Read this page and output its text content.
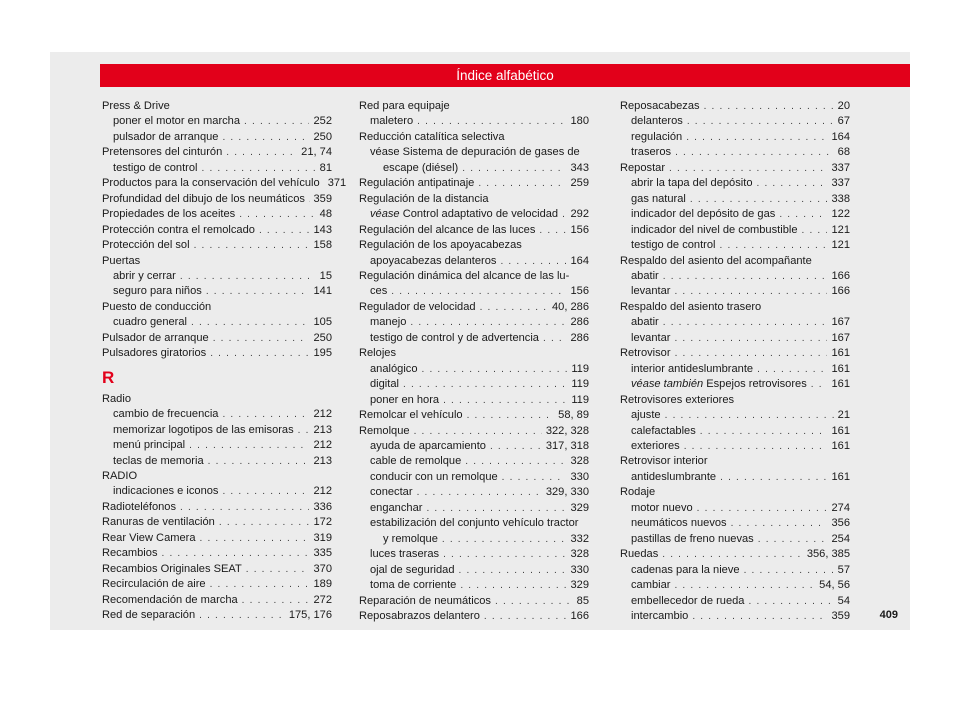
Índice alfabético
Press & Drive
poner el motor en marcha . . .	252
pulsador de arranque . . .	250
Pretensores del cinturón . . .	21, 74
testigo de control . . .	81
Productos para la conservación del vehículo 371
Profundidad del dibujo de los neumáticos . . . 359
Propiedades de los aceites . . .	48
Protección contra el remolcado . . .	143
Protección del sol . . .	158
Puertas
abrir y cerrar . . .	15
seguro para niños . . .	141
Puesto de conducción
cuadro general . . .	105
Pulsador de arranque . . .	250
Pulsadores giratorios . . .	195
R
Radio
cambio de frecuencia . . .	212
memorizar logotipos de las emisoras . . . 213
menú principal . . .	212
teclas de memoria . . .	213
RADIO
indicaciones e iconos . . .	212
Radioteléfonos . . .	336
Ranuras de ventilación . . .	172
Rear View Camera . . .	319
Recambios . . .	335
Recambios Originales SEAT . . .	370
Recirculación de aire . . .	189
Recomendación de marcha . . .	272
Red de separación . . .	175, 176
Red para equipaje
maletero . . .	180
Reducción catalítica selectiva
véase Sistema de depuración de gases de
escape (diésel) . . .	343
Regulación antipatinaje . . .	259
Regulación de la distancia
véase Control adaptativo de velocidad . . . 292
Regulación del alcance de las luces . . .	156
Regulación de los apoyacabezas
apoyacabezas delanteros . . .	164
Regulación dinámica del alcance de las lu-
ces . . .	156
Regulador de velocidad . . .	40, 286
manejo . . .	286
testigo de control y de advertencia . . .	286
Relojes
analógico . . .	119
digital . . .	119
poner en hora . . .	119
Remolcar el vehículo . . .	58, 89
Remolque . . .	322, 328
ayuda de aparcamiento . . .	317, 318
cable de remolque . . .	328
conducir con un remolque . . .	330
conectar . . .	329, 330
enganchar . . .	329
estabilización del conjunto vehículo tractor
y remolque . . .	332
luces traseras . . .	328
ojal de seguridad . . .	330
toma de corriente . . .	329
Reparación de neumáticos . . .	85
Reposabrazos delantero . . .	166
Reposacabezas . . .	20
delanteros . . .	67
regulación . . .	164
traseros . . .	68
Repostar . . .	337
abrir la tapa del depósito . . .	337
gas natural . . .	338
indicador del depósito de gas . . .	122
indicador del nivel de combustible . . .	121
testigo de control . . .	121
Respaldo del asiento del acompañante
abatir . . .	166
levantar . . .	166
Respaldo del asiento trasero
abatir . . .	167
levantar . . .	167
Retrovisor . . .	161
interior antideslumbrante . . .	161
véase también Espejos retrovisores . . . 161
Retrovisores exteriores
ajuste . . .	21
calefactables . . .	161
exteriores . . .	161
Retrovisor interior
antideslumbrante . . .	161
Rodaje
motor nuevo . . .	274
neumáticos nuevos . . .	356
pastillas de freno nuevas . . .	254
Ruedas . . .	356, 385
cadenas para la nieve . . .	57
cambiar . . .	54, 56
embellecedor de rueda . . .	54
intercambio . . .	359	409
